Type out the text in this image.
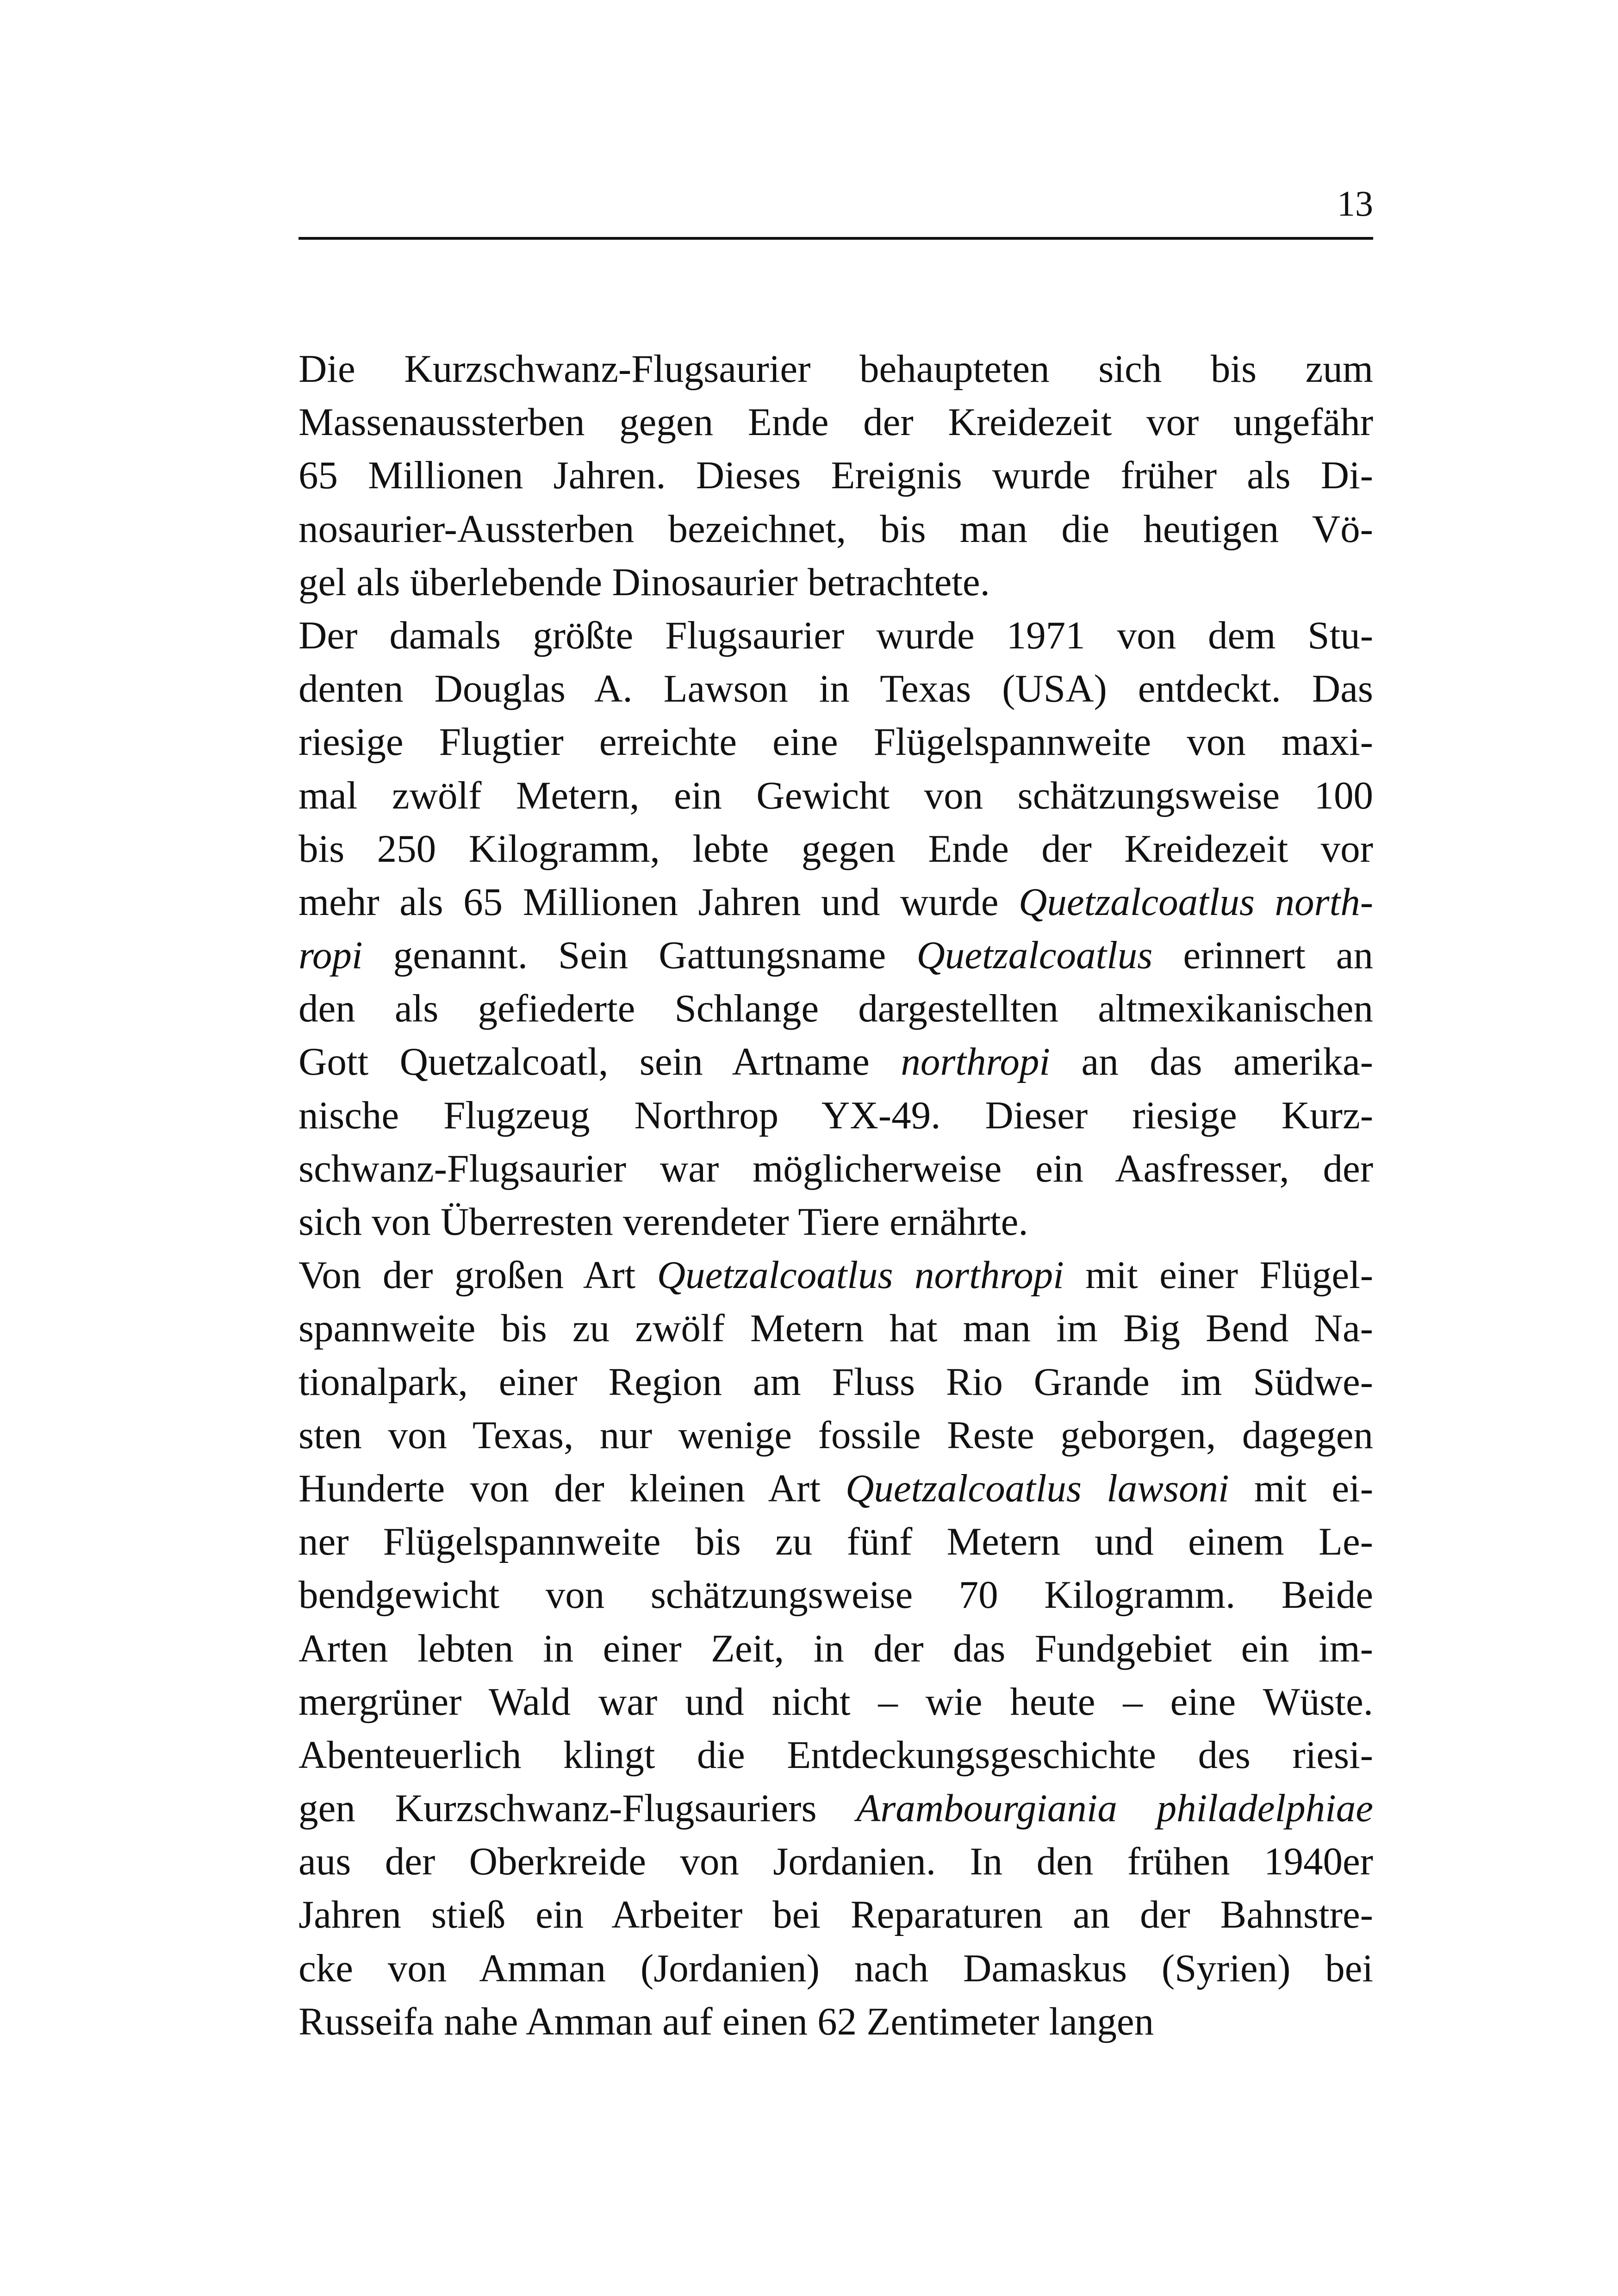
13
Die Kurzschwanz-Flugsaurier behaupteten sich bis zum
Massenaussterben gegen Ende der Kreidezeit vor ungefähr
65 Millionen Jahren. Dieses Ereignis wurde früher als Di-
nosaurier-Aussterben bezeichnet, bis man die heutigen Vö-
gel als überlebende Dinosaurier betrachtete.
Der damals größte Flugsaurier wurde 1971 von dem Stu-
denten Douglas A. Lawson in Texas (USA) entdeckt. Das
riesige Flugtier erreichte eine Flügelspannweite von maxi-
mal zwölf Metern, ein Gewicht von schätzungsweise 100
bis 250 Kilogramm, lebte gegen Ende der Kreidezeit vor
mehr als 65 Millionen Jahren und wurde Quetzalcoatlus north-
ropi genannt. Sein Gattungsname Quetzalcoatlus erinnert an
den als gefiederte Schlange dargestellten altmexikanischen
Gott Quetzalcoatl, sein Artname northropi an das amerika-
nische Flugzeug Northrop YX-49. Dieser riesige Kurz-
schwanz-Flugsaurier war möglicherweise ein Aasfresser, der
sich von Überresten verendeter Tiere ernährte.
Von der großen Art Quetzalcoatlus northropi mit einer Flügel-
spannweite bis zu zwölf Metern hat man im Big Bend Na-
tionalpark, einer Region am Fluss Rio Grande im Südwe-
sten von Texas, nur wenige fossile Reste geborgen, dagegen
Hunderte von der kleinen Art Quetzalcoatlus lawsoni mit ei-
ner Flügelspannweite bis zu fünf Metern und einem Le-
bendgewicht von schätzungsweise 70 Kilogramm. Beide
Arten lebten in einer Zeit, in der das Fundgebiet ein im-
mergrüner Wald war und nicht – wie heute – eine Wüste.
Abenteuerlich klingt die Entdeckungsgeschichte des riesi-
gen Kurzschwanz-Flugsauriers Arambourgiania philadelphiae
aus der Oberkreide von Jordanien. In den frühen 1940er
Jahren stieß ein Arbeiter bei Reparaturen an der Bahnstre-
cke von Amman (Jordanien) nach Damaskus (Syrien) bei
Russeifa nahe Amman auf einen 62 Zentimeter langen
